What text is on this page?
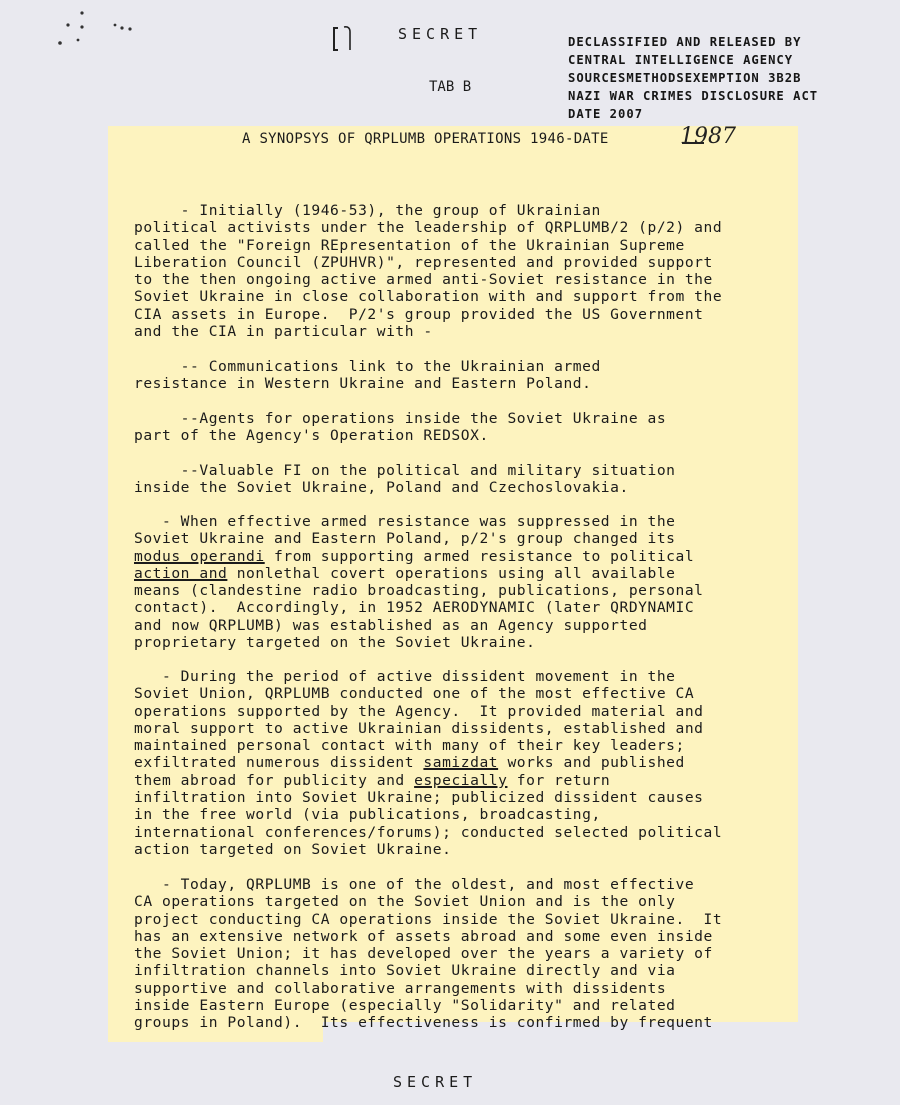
SECRET
TAB B
DECLASSIFIED AND RELEASED BY
CENTRAL INTELLIGENCE AGENCY
SOURCESMETHODSEXEMPTION 3B2B
NAZI WAR CRIMES DISCLOSURE ACT
DATE 2007
A SYNOPSYS OF QRPLUMB OPERATIONS 1946-DATE	1987
- Initially (1946-53), the group of Ukrainian
political activists under the leadership of QRPLUMB/2 (p/2) and
called the "Foreign REpresentation of the Ukrainian Supreme
Liberation Council (ZPUHVR)", represented and provided support
to the then ongoing active armed anti-Soviet resistance in the
Soviet Ukraine in close collaboration with and support from the
CIA assets in Europe.  P/2's group provided the US Government
and the CIA in particular with -
-- Communications link to the Ukrainian armed
resistance in Western Ukraine and Eastern Poland.
--Agents for operations inside the Soviet Ukraine as
part of the Agency's Operation REDSOX.
--Valuable FI on the political and military situation
inside the Soviet Ukraine, Poland and Czechoslovakia.
- When effective armed resistance was suppressed in the
Soviet Ukraine and Eastern Poland, p/2's group changed its
modus operandi from supporting armed resistance to political
action and nonlethal covert operations using all available
means (clandestine radio broadcasting, publications, personal
contact).  Accordingly, in 1952 AERODYNAMIC (later QRDYNAMIC
and now QRPLUMB) was established as an Agency supported
proprietary targeted on the Soviet Ukraine.
- During the period of active dissident movement in the
Soviet Union, QRPLUMB conducted one of the most effective CA
operations supported by the Agency.  It provided material and
moral support to active Ukrainian dissidents, established and
maintained personal contact with many of their key leaders;
exfiltrated numerous dissident samizdat works and published
them abroad for publicity and especially for return
infiltration into Soviet Ukraine; publicized dissident causes
in the free world (via publications, broadcasting,
international conferences/forums); conducted selected political
action targeted on Soviet Ukraine.
- Today, QRPLUMB is one of the oldest, and most effective
CA operations targeted on the Soviet Union and is the only
project conducting CA operations inside the Soviet Ukraine.  It
has an extensive network of assets abroad and some even inside
the Soviet Union; it has developed over the years a variety of
infiltration channels into Soviet Ukraine directly and via
supportive and collaborative arrangements with dissidents
inside Eastern Europe (especially "Solidarity" and related
groups in Poland).  Its effectiveness is confirmed by frequent
SECRET
